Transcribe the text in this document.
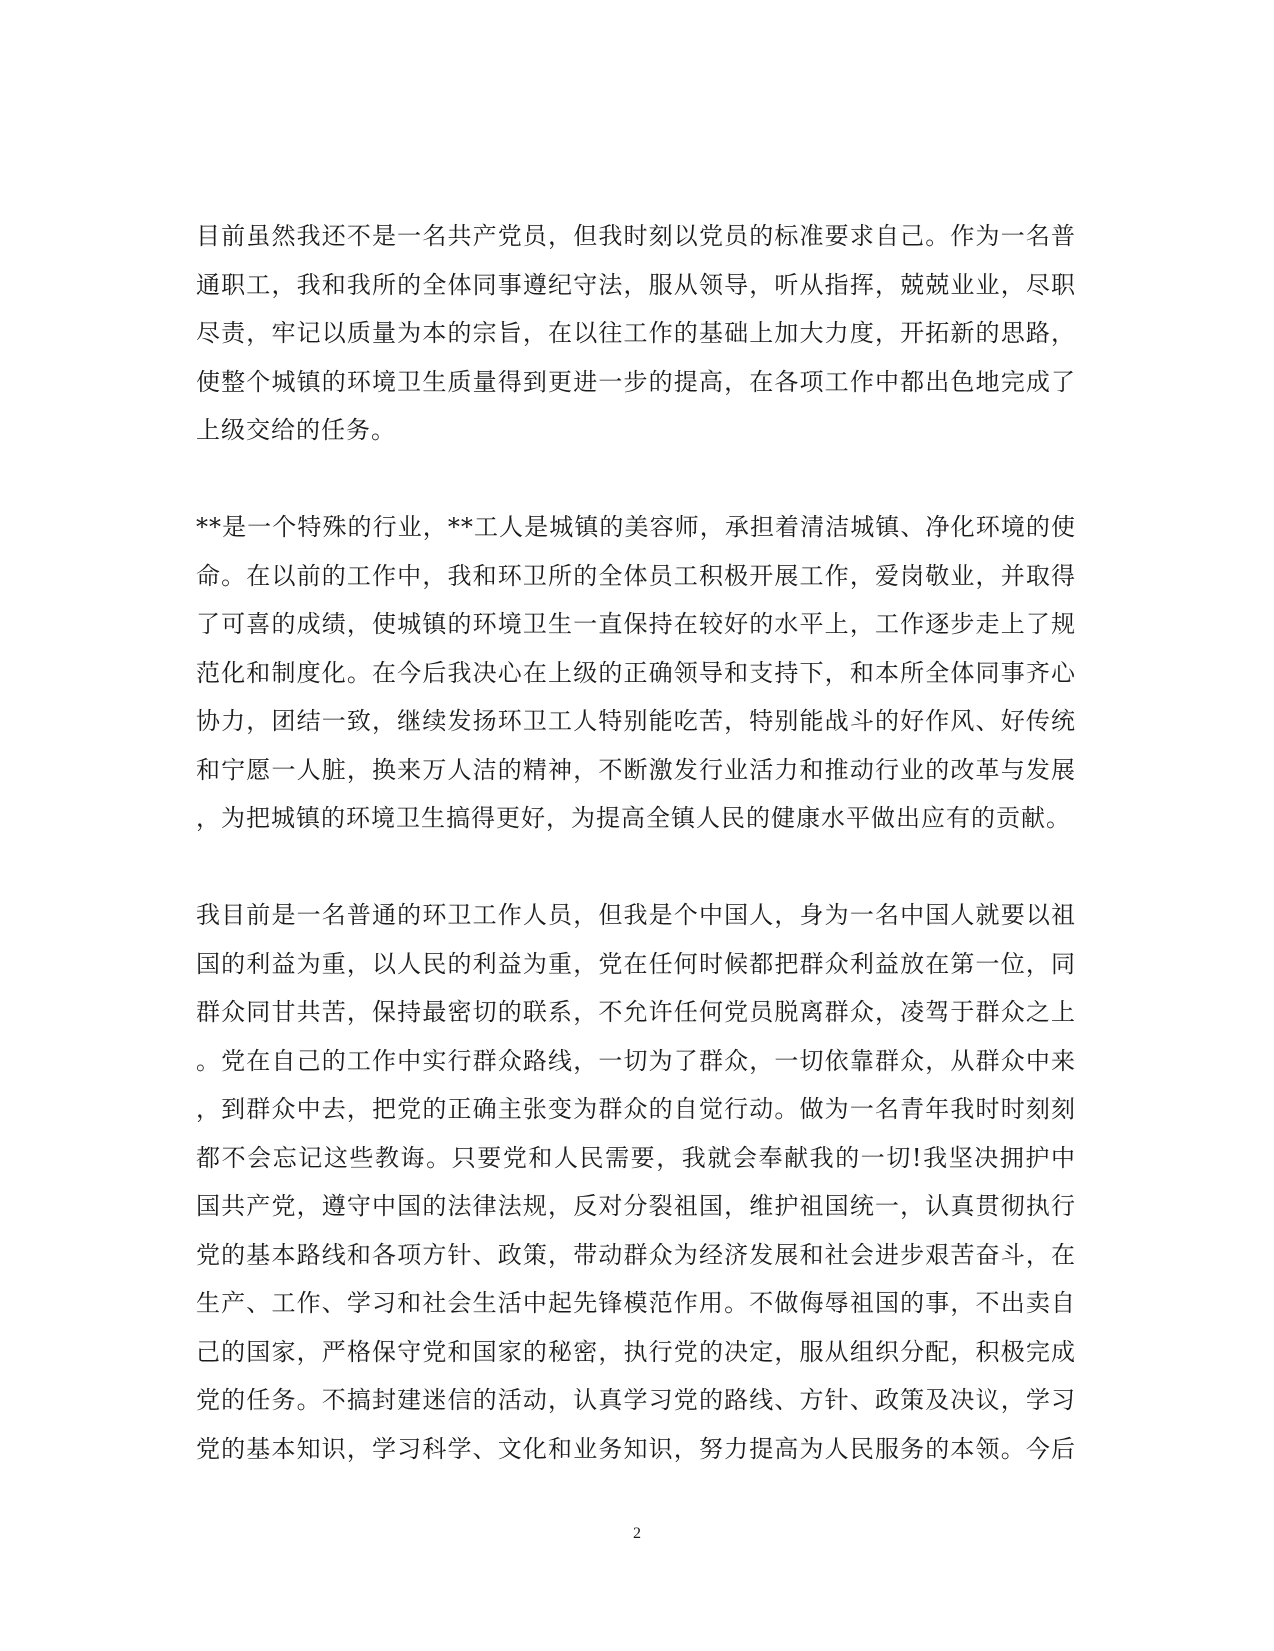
目前虽然我还不是一名共产党员，但我时刻以党员的标准要求自己。作为一名普
通职工，我和我所的全体同事遵纪守法，服从领导，听从指挥，兢兢业业，尽职
尽责，牢记以质量为本的宗旨，在以往工作的基础上加大力度，开拓新的思路，
使整个城镇的环境卫生质量得到更进一步的提高，在各项工作中都出色地完成了
上级交给的任务。

**是一个特殊的行业，**工人是城镇的美容师，承担着清洁城镇、净化环境的使
命。在以前的工作中，我和环卫所的全体员工积极开展工作，爱岗敬业，并取得
了可喜的成绩，使城镇的环境卫生一直保持在较好的水平上，工作逐步走上了规
范化和制度化。在今后我决心在上级的正确领导和支持下，和本所全体同事齐心
协力，团结一致，继续发扬环卫工人特别能吃苦，特别能战斗的好作风、好传统
和宁愿一人脏，换来万人洁的精神，不断激发行业活力和推动行业的改革与发展
，为把城镇的环境卫生搞得更好，为提高全镇人民的健康水平做出应有的贡献。

我目前是一名普通的环卫工作人员，但我是个中国人，身为一名中国人就要以祖
国的利益为重，以人民的利益为重，党在任何时候都把群众利益放在第一位，同
群众同甘共苦，保持最密切的联系，不允许任何党员脱离群众，凌驾于群众之上
。党在自己的工作中实行群众路线，一切为了群众，一切依靠群众，从群众中来
，到群众中去，把党的正确主张变为群众的自觉行动。做为一名青年我时时刻刻
都不会忘记这些教诲。只要党和人民需要，我就会奉献我的一切!我坚决拥护中
国共产党，遵守中国的法律法规，反对分裂祖国，维护祖国统一，认真贯彻执行
党的基本路线和各项方针、政策，带动群众为经济发展和社会进步艰苦奋斗，在
生产、工作、学习和社会生活中起先锋模范作用。不做侮辱祖国的事，不出卖自
己的国家，严格保守党和国家的秘密，执行党的决定，服从组织分配，积极完成
党的任务。不搞封建迷信的活动，认真学习党的路线、方针、政策及决议，学习
党的基本知识，学习科学、文化和业务知识，努力提高为人民服务的本领。今后

2
